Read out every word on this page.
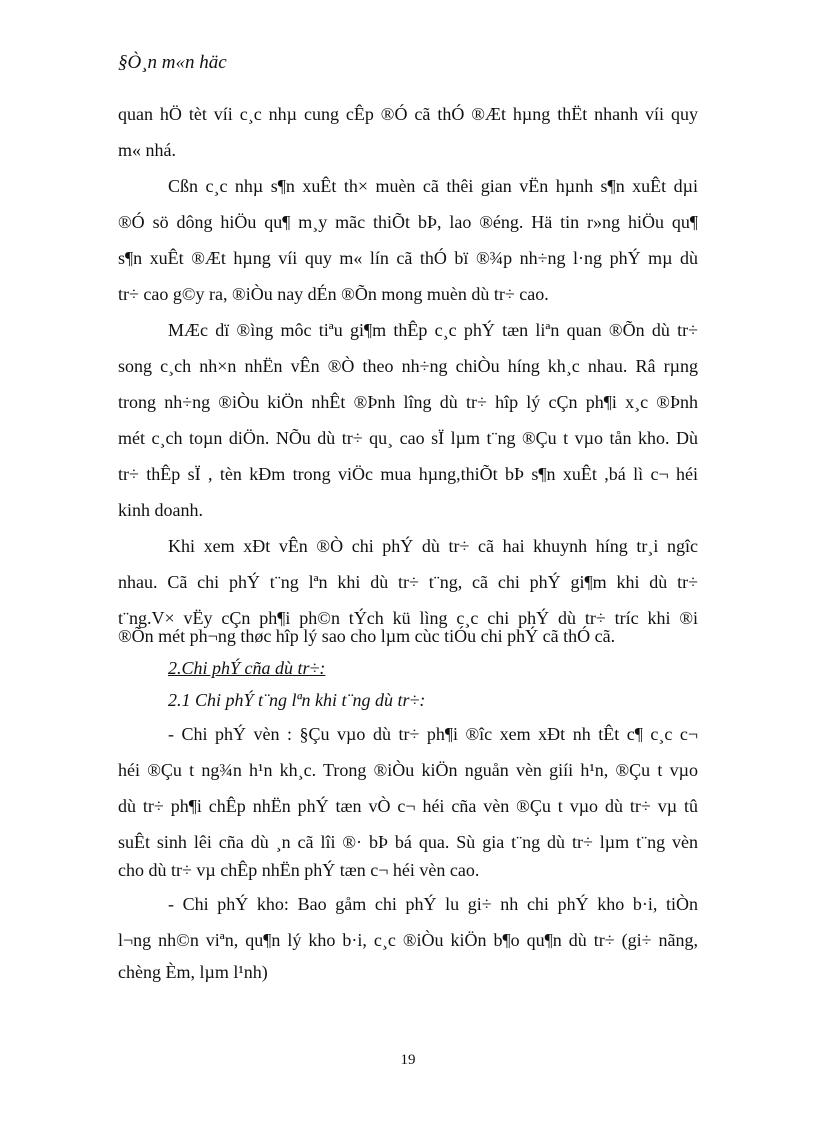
§Ò¸n m«n häc
quan hÖ tèt víi c¸c nhµ cung cÊp ®Ó cã thÓ ®Æt hµng thËt nhanh víi quy
m« nhá.
Cßn c¸c nhµ s¶n xuÊt th× muèn cã thêi gian vËn hµnh s¶n xuÊt dµi
®Ó sö dông hiÖu qu¶ m¸y mãc thiÕt bÞ, lao ®éng. Hä tin r»ng hiÖu qu¶
s¶n xuÊt ®Æt hµng víi quy m« lín cã thÓ bï ®¾p nh÷ng l·ng phÝ mµ dù
tr÷ cao g©y ra, ®iÒu nay dÉn ®Õn mong muèn dù tr÷ cao.
MÆc dï ®ìng môc tiªu gi¶m thÊp c¸c phÝ tæn liªn quan ®Õn dù tr÷
song c¸ch nh×n nhËn vÊn ®Ò theo nh÷ng chiÒu híng kh¸c nhau. Râ rµng
trong nh÷ng ®iÒu kiÖn nhÊt ®Þnh lîng dù tr÷ hîp lý cÇn ph¶i x¸c ®Þnh
mét c¸ch toµn diÖn. NÕu dù tr÷ qu¸ cao sÏ lµm t¨ng ®Çu t vµo tån kho. Dù
tr÷ thÊp sÏ , tèn kÐm trong viÖc mua hµng,thiÕt bÞ s¶n xuÊt ,bá lì c¬ héi
kinh doanh.
Khi xem xÐt vÊn ®Ò chi phÝ dù tr÷ cã hai khuynh híng tr¸i ngîc
nhau. Cã chi phÝ t¨ng lªn khi dù tr÷ t¨ng, cã chi phÝ gi¶m khi dù tr÷
t¨ng.V× vËy cÇn ph¶i ph©n tÝch kü lìng c¸c chi phÝ dù tr÷ tríc khi ®i
®Õn mét ph¬ng thøc hîp lý sao cho lµm cùc tiÓu chi phÝ cã thÓ cã.
2.Chi phÝ cña dù tr÷:
2.1 Chi phÝ t¨ng lªn khi t¨ng dù tr÷:
- Chi phÝ vèn : §Çu vµo dù tr÷ ph¶i ®îc xem xÐt nh tÊt c¶ c¸c c¬
héi ®Çu t ng¾n h¹n kh¸c. Trong ®iÒu kiÖn nguån vèn giíi h¹n, ®Çu t vµo
dù tr÷ ph¶i chÊp nhËn phÝ tæn vÒ c¬ héi cña vèn ®Çu t vµo dù tr÷ vµ tû
suÊt sinh lêi cña dù ¸n cã lîi ®· bÞ bá qua. Sù gia t¨ng dù tr÷ lµm t¨ng vèn
cho dù tr÷ vµ chÊp nhËn phÝ tæn c¬ héi vèn cao.
- Chi phÝ kho: Bao gåm chi phÝ lu gi÷ nh chi phÝ kho b·i, tiÒn
l¬ng nh©n viªn, qu¶n lý kho b·i, c¸c ®iÒu kiÖn b¶o qu¶n dù tr÷ (gi÷ nãng,
chèng Èm, lµm l¹nh)
19
